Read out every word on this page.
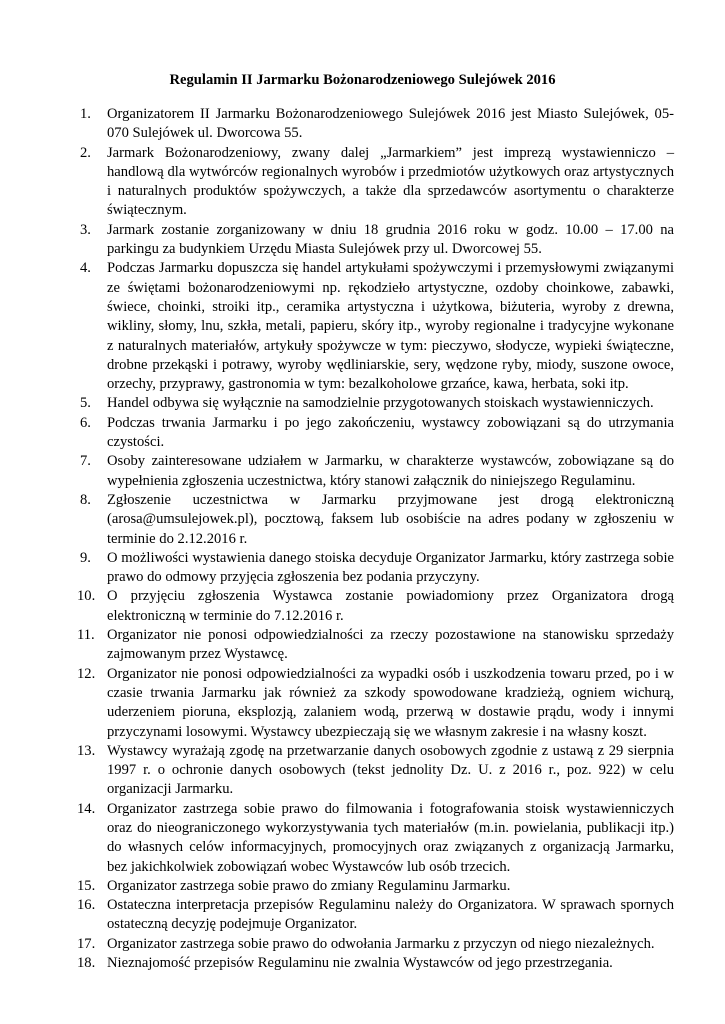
Regulamin II Jarmarku Bożonarodzeniowego Sulejówek 2016
1.	Organizatorem II Jarmarku Bożonarodzeniowego Sulejówek 2016 jest Miasto Sulejówek, 05-070 Sulejówek ul. Dworcowa 55.
2.	Jarmark Bożonarodzeniowy, zwany dalej „Jarmarkiem” jest imprezą wystawienniczo – handlową dla wytwórców regionalnych wyrobów i przedmiotów użytkowych oraz artystycznych i naturalnych produktów spożywczych, a także dla sprzedawców asortymentu o charakterze świątecznym.
3.	Jarmark zostanie zorganizowany w dniu 18 grudnia 2016 roku w godz. 10.00 – 17.00 na parkingu za budynkiem Urzędu Miasta Sulejówek przy ul. Dworcowej 55.
4.	Podczas Jarmarku dopuszcza się handel artykułami spożywczymi i przemysłowymi związanymi ze świętami bożonarodzeniowymi np. rękodzieło artystyczne, ozdoby choinkowe, zabawki, świece, choinki, stroiki itp., ceramika artystyczna i użytkowa, biżuteria, wyroby z drewna, wikliny, słomy, lnu, szkła, metali, papieru, skóry itp., wyroby regionalne i tradycyjne wykonane z naturalnych materiałów, artykuły spożywcze w tym: pieczywo, słodycze, wypieki świąteczne, drobne przekąski i potrawy, wyroby wędliniarskie, sery, wędzone ryby, miody, suszone owoce, orzechy, przyprawy, gastronomia w tym: bezalkoholowe grzańce, kawa, herbata, soki itp.
5.	Handel odbywa się wyłącznie na samodzielnie przygotowanych stoiskach wystawienniczych.
6.	Podczas trwania Jarmarku i po jego zakończeniu, wystawcy zobowiązani są do utrzymania czystości.
7.	Osoby zainteresowane udziałem w Jarmarku, w charakterze wystawców, zobowiązane są do wypełnienia zgłoszenia uczestnictwa, który stanowi załącznik do niniejszego Regulaminu.
8.	Zgłoszenie uczestnictwa w Jarmarku przyjmowane jest drogą elektroniczną (arosa@umsulejowek.pl), pocztową, faksem lub osobiście na adres podany w zgłoszeniu w terminie do 2.12.2016 r.
9.	O możliwości wystawienia danego stoiska decyduje Organizator Jarmarku, który zastrzega sobie prawo do odmowy przyjęcia zgłoszenia bez podania przyczyny.
10. O przyjęciu zgłoszenia Wystawca zostanie powiadomiony przez Organizatora drogą elektroniczną w terminie do 7.12.2016 r.
11. Organizator nie ponosi odpowiedzialności za rzeczy pozostawione na stanowisku sprzedaży zajmowanym przez Wystawcę.
12. Organizator nie ponosi odpowiedzialności za wypadki osób i uszkodzenia towaru przed, po i w czasie trwania Jarmarku jak również za szkody spowodowane kradzieżą, ogniem wichurą, uderzeniem pioruna, eksplozją, zalaniem wodą, przerwą w dostawie prądu, wody i innymi przyczynami losowymi. Wystawcy ubezpieczają się we własnym zakresie i na własny koszt.
13. Wystawcy wyrażają zgodę na przetwarzanie danych osobowych zgodnie z ustawą z 29 sierpnia 1997 r. o ochronie danych osobowych (tekst jednolity Dz. U. z 2016 r., poz. 922) w celu organizacji Jarmarku.
14. Organizator zastrzega sobie prawo do filmowania i fotografowania stoisk wystawienniczych oraz do nieograniczonego wykorzystywania tych materiałów (m.in. powielania, publikacji itp.) do własnych celów informacyjnych, promocyjnych oraz związanych z organizacją Jarmarku, bez jakichkolwiek zobowiązań wobec Wystawców lub osób trzecich.
15. Organizator zastrzega sobie prawo do zmiany Regulaminu Jarmarku.
16. Ostateczna interpretacja przepisów Regulaminu należy do Organizatora. W sprawach spornych ostateczną decyzję podejmuje Organizator.
17. Organizator zastrzega sobie prawo do odwołania Jarmarku z przyczyn od niego niezależnych.
18. Nieznajomość przepisów Regulaminu nie zwalnia Wystawców od jego przestrzegania.
